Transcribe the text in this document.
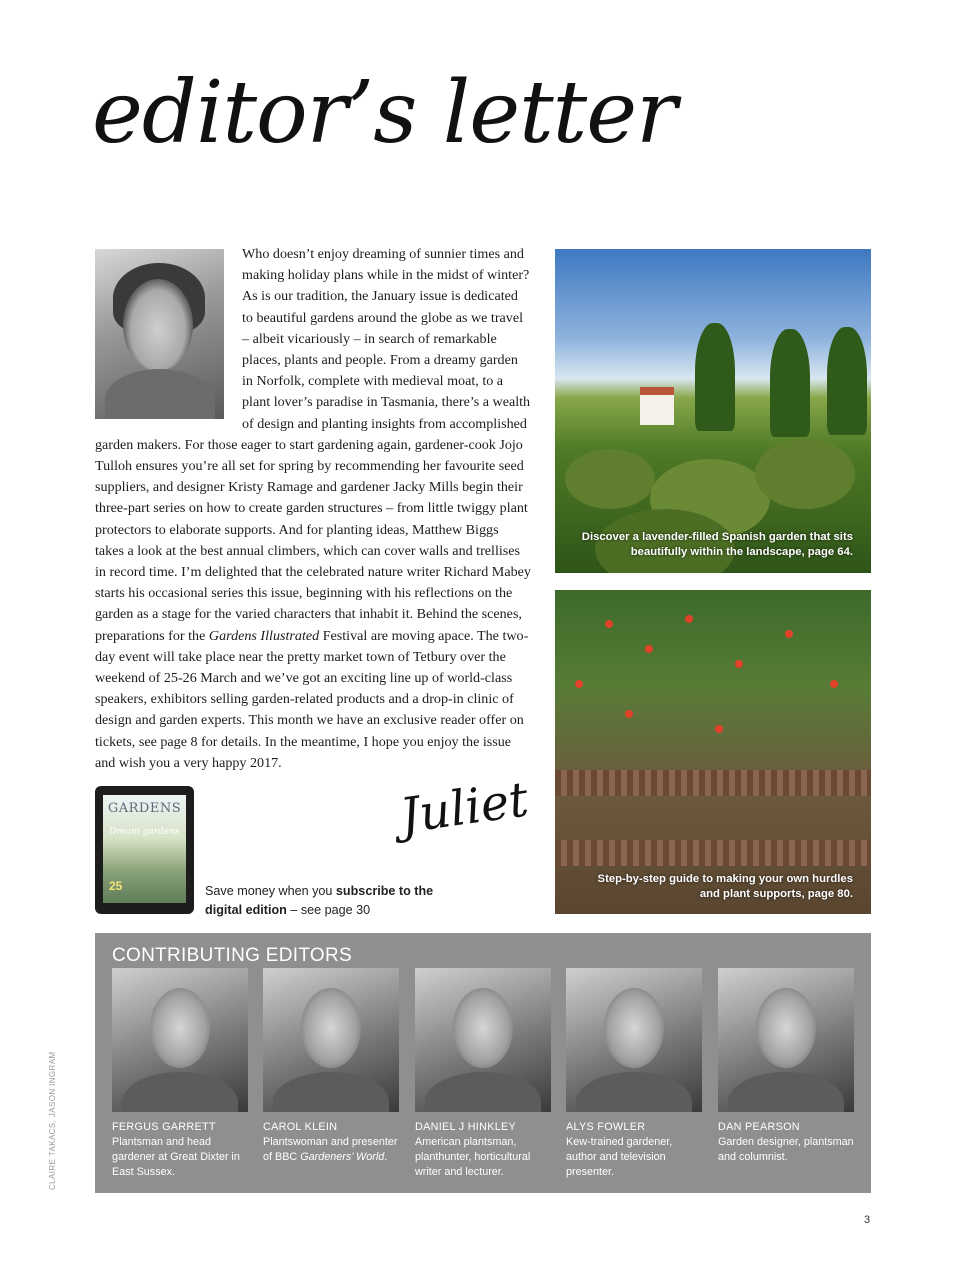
editor’s letter

Who doesn’t enjoy dreaming of sunnier times and making holiday plans while in the midst of winter? As is our tradition, the January issue is dedicated to beautiful gardens around the globe as we travel – albeit vicariously – in search of remarkable places, plants and people. From a dreamy garden in Norfolk, complete with medieval moat, to a plant lover’s paradise in Tasmania, there’s a wealth of design and planting insights from accomplished garden makers. For those eager to start gardening again, gardener-cook Jojo Tulloh ensures you’re all set for spring by recommending her favourite seed suppliers, and designer Kristy Ramage and gardener Jacky Mills begin their three-part series on how to create garden structures – from little twiggy plant protectors to elaborate supports. And for planting ideas, Matthew Biggs takes a look at the best annual climbers, which can cover walls and trellises in record time. I’m delighted that the celebrated nature writer Richard Mabey starts his occasional series this issue, beginning with his reflections on the garden as a stage for the varied characters that inhabit it. Behind the scenes, preparations for the Gardens Illustrated Festival are moving apace. The two-day event will take place near the pretty market town of Tetbury over the weekend of 25-26 March and we’ve got an exciting line up of world-class speakers, exhibitors selling garden-related products and a drop-in clinic of design and garden experts. This month we have an exclusive reader offer on tickets, see page 8 for details. In the meantime, I hope you enjoy the issue and wish you a very happy 2017.

Juliet
GARDENS
Dream gardens
25	Save money when you subscribe to the digital edition – see page 30
Discover a lavender-filled Spanish garden that sits beautifully within the landscape, page 64.
Step-by-step guide to making your own hurdles and plant supports, page 80.
CONTRIBUTING EDITORS
FERGUS GARRETT
Plantsman and head gardener at Great Dixter in East Sussex.
CAROL KLEIN
Plantswoman and presenter of BBC Gardeners’ World.
DANIEL J HINKLEY
American plantsman, planthunter, horticultural writer and lecturer.
ALYS FOWLER
Kew-trained gardener, author and television presenter.
DAN PEARSON
Garden designer, plantsman and columnist.
CLAIRE TAKACS, JASON INGRAM
3
